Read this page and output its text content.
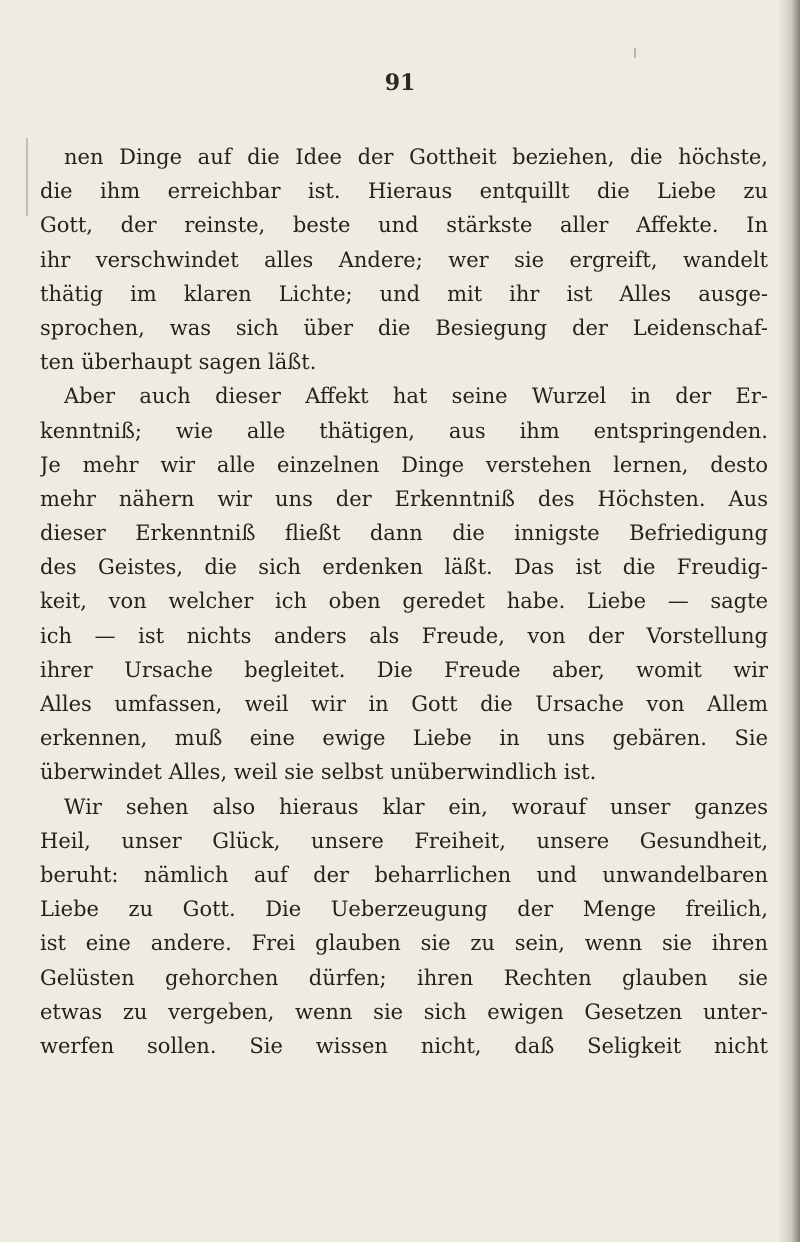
91
nen Dinge auf die Idee der Gottheit beziehen, die höchste,
die ihm erreichbar ist. Hieraus entquillt die Liebe zu
Gott, der reinste, beste und stärkste aller Affekte. In
ihr verschwindet alles Andere; wer sie ergreift, wandelt
thätig im klaren Lichte; und mit ihr ist Alles ausge-
sprochen, was sich über die Besiegung der Leidenschaf-
ten überhaupt sagen läßt.
Aber auch dieser Affekt hat seine Wurzel in der Er-
kenntniß; wie alle thätigen, aus ihm entspringenden.
Je mehr wir alle einzelnen Dinge verstehen lernen, desto
mehr nähern wir uns der Erkenntniß des Höchsten. Aus
dieser Erkenntniß fließt dann die innigste Befriedigung
des Geistes, die sich erdenken läßt. Das ist die Freudig-
keit, von welcher ich oben geredet habe. Liebe — sagte
ich — ist nichts anders als Freude, von der Vorstellung
ihrer Ursache begleitet. Die Freude aber, womit wir
Alles umfassen, weil wir in Gott die Ursache von Allem
erkennen, muß eine ewige Liebe in uns gebären. Sie
überwindet Alles, weil sie selbst unüberwindlich ist.
Wir sehen also hieraus klar ein, worauf unser ganzes
Heil, unser Glück, unsere Freiheit, unsere Gesundheit,
beruht: nämlich auf der beharrlichen und unwandelbaren
Liebe zu Gott. Die Ueberzeugung der Menge freilich,
ist eine andere. Frei glauben sie zu sein, wenn sie ihren
Gelüsten gehorchen dürfen; ihren Rechten glauben sie
etwas zu vergeben, wenn sie sich ewigen Gesetzen unter-
werfen sollen. Sie wissen nicht, daß Seligkeit nicht
